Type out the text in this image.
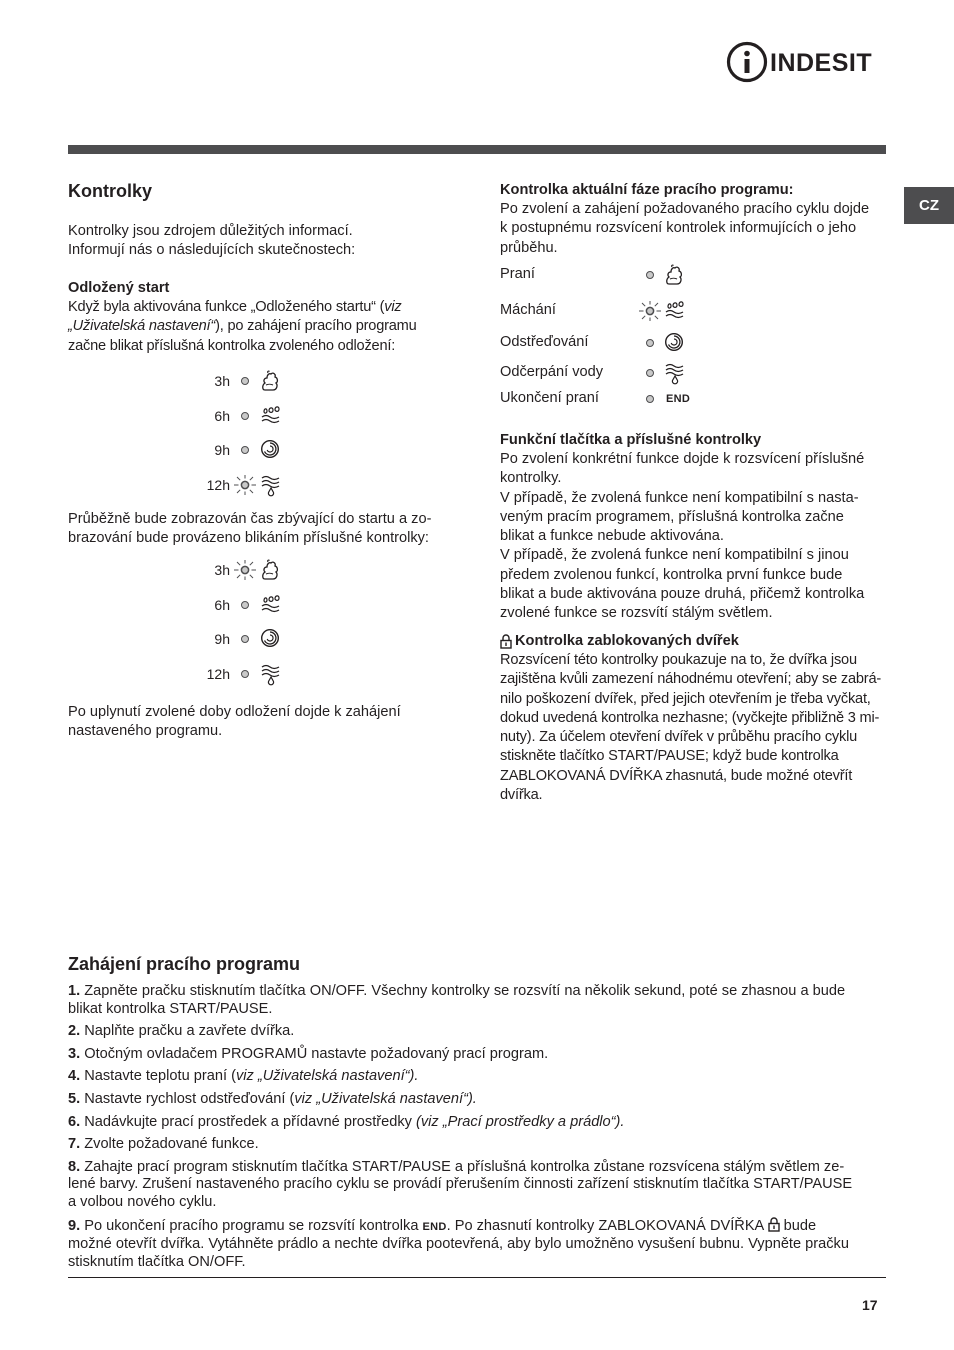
INDESIT
CZ
Kontrolky
Kontrolky jsou zdrojem důležitých informací.
Informují nás o následujících skutečnostech:
Odložený start
Když byla aktivována funkce „Odloženého startu“ (viz
„Uživatelská nastavení“), po zahájení pracího programu
začne blikat příslušná kontrolka zvoleného odložení:
3h
6h
9h
12h
Průběžně bude zobrazován čas zbývající do startu a zo-
brazování bude provázeno blikáním příslušné kontrolky:
3h
6h
9h
12h
Po uplynutí zvolené doby odložení dojde k zahájení
nastaveného programu.
Kontrolka aktuální fáze pracího programu:
Po zvolení a zahájení požadovaného pracího cyklu dojde
k postupnému rozsvícení kontrolek informujících o jeho
průběhu.
Praní
Máchání
Odstřeďování
Odčerpání vody
Ukončení praní	END
Funkční tlačítka a příslušné kontrolky
Po zvolení konkrétní funkce dojde k rozsvícení příslušné
kontrolky.
V případě, že zvolená funkce není kompatibilní s nasta-
veným pracím programem, příslušná kontrolka začne
blikat a funkce nebude aktivována.
V případě, že zvolená funkce není kompatibilní s jinou
předem zvolenou funkcí, kontrolka první funkce bude
blikat a bude aktivována pouze druhá, přičemž kontrolka
zvolené funkce se rozsvítí stálým světlem.
Kontrolka zablokovaných dvířek
Rozsvícení této kontrolky poukazuje na to, že dvířka jsou
zajištěna kvůli zamezení náhodnému otevření; aby se zabrá-
nilo poškození dvířek, před jejich otevřením je třeba vyčkat,
dokud uvedená kontrolka nezhasne; (vyčkejte přibližně 3 mi-
nuty). Za účelem otevření dvířek v průběhu pracího cyklu
stiskněte tlačítko START/PAUSE; když bude kontrolka
ZABLOKOVANÁ DVÍŘKA zhasnutá, bude možné otevřít
dvířka.
Zahájení pracího programu
1. Zapněte pračku stisknutím tlačítka ON/OFF. Všechny kontrolky se rozsvítí na několik sekund, poté se zhasnou a bude
blikat kontrolka START/PAUSE.
2. Naplňte pračku a zavřete dvířka.
3. Otočným ovladačem PROGRAMŮ nastavte požadovaný prací program.
4. Nastavte teplotu praní (viz „Uživatelská nastavení“).
5. Nastavte rychlost odstřeďování (viz „Uživatelská nastavení“).
6. Nadávkujte prací prostředek a přídavné prostředky (viz „Prací prostředky a prádlo“).
7. Zvolte požadované funkce.
8. Zahajte prací program stisknutím tlačítka START/PAUSE a příslušná kontrolka zůstane rozsvícena stálým světlem ze-
lené barvy. Zrušení nastaveného pracího cyklu se provádí přerušením činnosti zařízení stisknutím tlačítka START/PAUSE
a volbou nového cyklu.
9. Po ukončení pracího programu se rozsvítí kontrolka END. Po zhasnutí kontrolky ZABLOKOVANÁ DVÍŘKA
bude
možné otevřít dvířka. Vytáhněte prádlo a nechte dvířka pootevřená, aby bylo umožněno vysušení bubnu. Vypněte pračku
stisknutím tlačítka ON/OFF.
17
